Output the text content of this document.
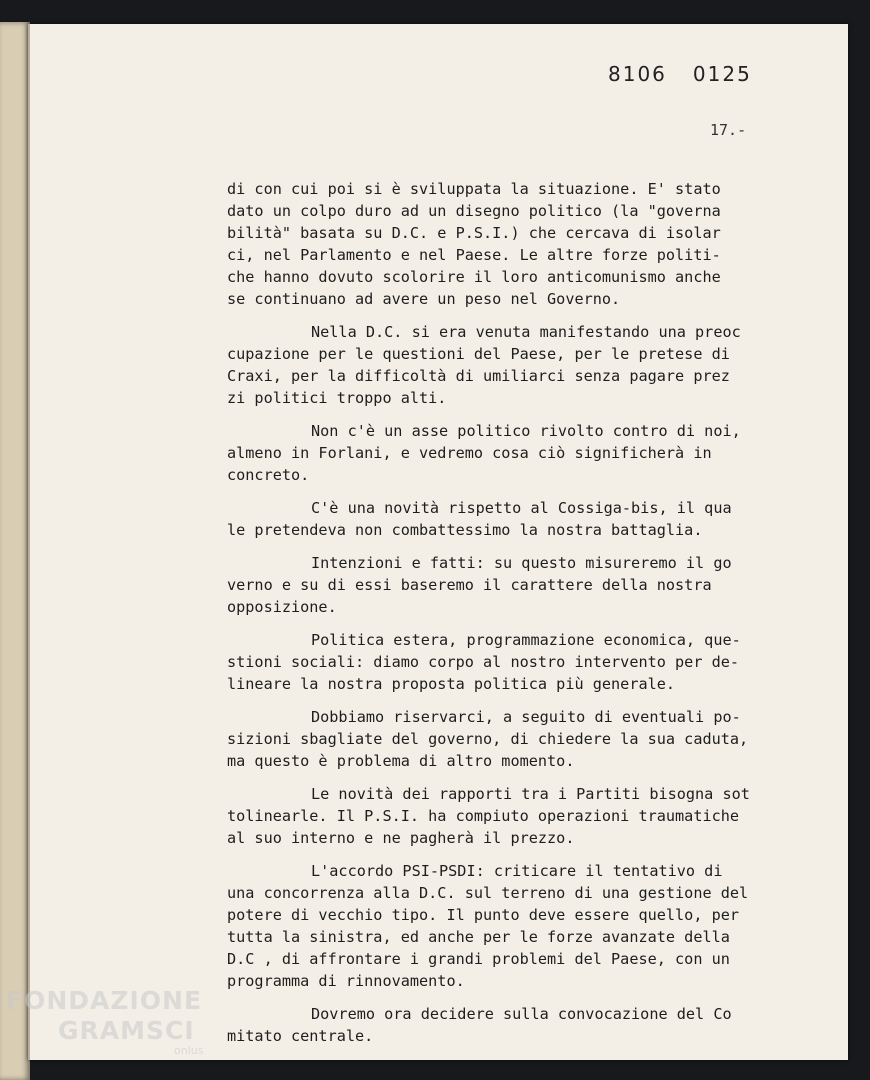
8106 0125
17.-
di con cui poi si è sviluppata la situazione. E' stato
dato un colpo duro ad un disegno politico (la "governa
bilità" basata su D.C. e P.S.I.) che cercava di isolar
ci, nel Parlamento e nel Paese. Le altre forze politi-
che hanno dovuto scolorire il loro anticomunismo anche
se continuano ad avere un peso nel Governo.
Nella D.C. si era venuta manifestando una preoc
cupazione per le questioni del Paese, per le pretese di
Craxi, per la difficoltà di umiliarci senza pagare prez
zi politici troppo alti.
Non c'è un asse politico rivolto contro di noi,
almeno in Forlani, e vedremo cosa ciò significherà in
concreto.
C'è una novità rispetto al Cossiga-bis, il qua
le pretendeva non combattessimo la nostra battaglia.
Intenzioni e fatti: su questo misureremo il go
verno e su di essi baseremo il carattere della nostra
opposizione.
Politica estera, programmazione economica, que-
stioni sociali: diamo corpo al nostro intervento per de-
lineare la nostra proposta politica più generale.
Dobbiamo riservarci, a seguito di eventuali po-
sizioni sbagliate del governo, di chiedere la sua caduta,
ma questo è problema di altro momento.
Le novità dei rapporti tra i Partiti bisogna sot
tolinearle. Il P.S.I. ha compiuto operazioni traumatiche
al suo interno e ne pagherà il prezzo.
L'accordo PSI-PSDI: criticare il tentativo di
una concorrenza alla D.C. sul terreno di una gestione del
potere di vecchio tipo. Il punto deve essere quello, per
tutta la sinistra, ed anche per le forze avanzate della
D.C , di affrontare i grandi problemi del Paese, con un
programma di rinnovamento.
Dovremo ora decidere sulla convocazione del Co
mitato centrale.
FONDAZIONE
GRAMSCI
onlus
